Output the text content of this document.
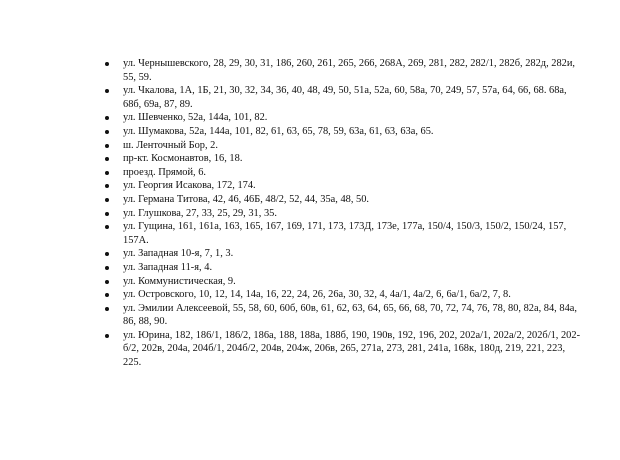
ул. Чернышевского, 28, 29, 30, 31, 186, 260, 261, 265, 266, 268А, 269, 281, 282, 282/1, 282б, 282д, 282и, 55, 59.
ул. Чкалова, 1А, 1Б, 21, 30, 32, 34, 36, 40, 48, 49, 50, 51а, 52а, 60, 58а, 70, 249, 57, 57а, 64, 66, 68. 68а, 68б, 69а, 87, 89.
ул. Шевченко, 52а, 144а, 101, 82.
ул. Шумакова, 52а, 144а, 101, 82, 61, 63, 65, 78, 59, 63а, 61, 63, 63а, 65.
ш. Ленточный Бор, 2.
пр-кт. Космонавтов, 16, 18.
проезд. Прямой, 6.
ул. Георгия Исакова, 172, 174.
ул. Германа Титова, 42, 46, 46Б, 48/2, 52, 44, 35а, 48, 50.
ул. Глушкова, 27, 33, 25, 29, 31, 35.
ул. Гущина, 161, 161а, 163, 165, 167, 169, 171, 173, 173Д, 173е, 177а, 150/4, 150/3, 150/2, 150/24, 157, 157А.
ул. Западная 10-я, 7, 1, 3.
ул. Западная 11-я, 4.
ул. Коммунистическая, 9.
ул. Островского, 10, 12, 14, 14а, 16, 22, 24, 26, 26а, 30, 32, 4, 4а/1, 4а/2, 6, 6а/1, 6а/2, 7, 8.
ул. Эмилии Алексеевой, 55, 58, 60, 60б, 60в, 61, 62, 63, 64, 65, 66, 68, 70, 72, 74, 76, 78, 80, 82а, 84, 84а, 86, 88, 90.
ул. Юрина, 182, 186/1, 186/2, 186а, 188, 188а, 188б, 190, 190в, 192, 196, 202, 202а/1, 202а/2, 202б/1, 202-б/2, 202в, 204а, 204б/1, 204б/2, 204в, 204ж, 206в, 265, 271а, 273, 281, 241а, 168к, 180д, 219, 221, 223, 225.
